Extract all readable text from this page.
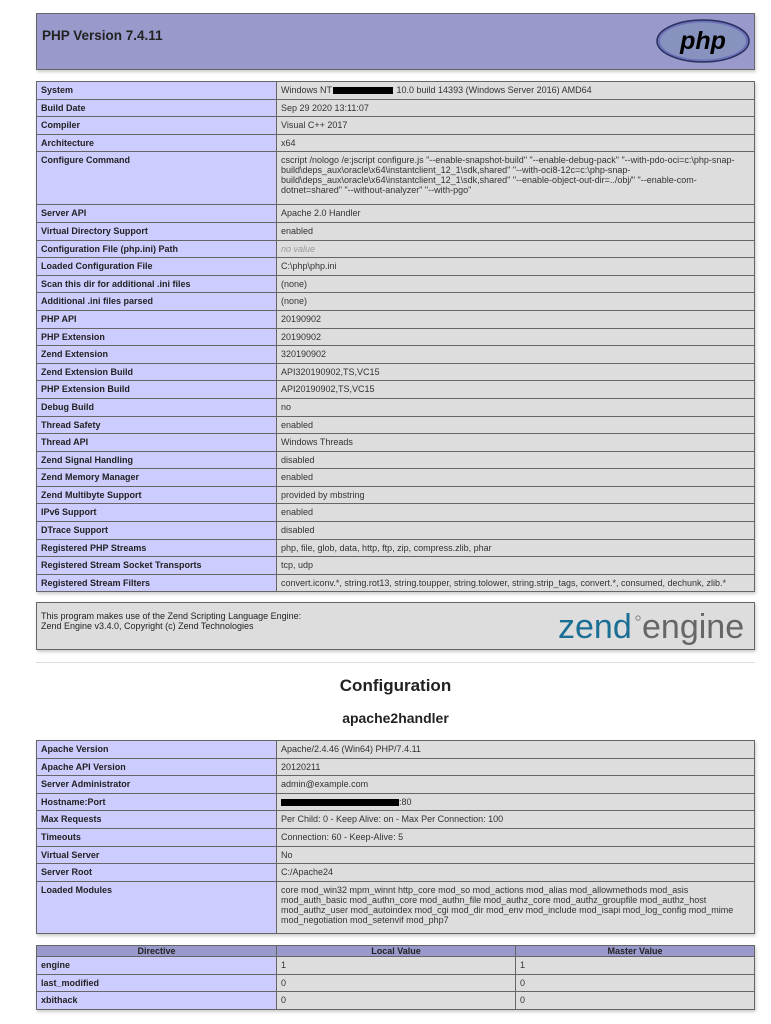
PHP Version 7.4.11	php
System	Windows NT 10.0 build 14393 (Windows Server 2016) AMD64
Build Date	Sep 29 2020 13:11:07
Compiler	Visual C++ 2017
Architecture	x64
Configure Command	cscript /nologo /e:jscript configure.js "--enable-snapshot-build" "--enable-debug-pack" "--with-pdo-oci=c:\php-snap-build\deps_aux\oracle\x64\instantclient_12_1\sdk,shared" "--with-oci8-12c=c:\php-snap-build\deps_aux\oracle\x64\instantclient_12_1\sdk,shared" "--enable-object-out-dir=../obj/" "--enable-com-dotnet=shared" "--without-analyzer" "--with-pgo"
Server API	Apache 2.0 Handler
Virtual Directory Support	enabled
Configuration File (php.ini) Path	no value
Loaded Configuration File	C:\php\php.ini
Scan this dir for additional .ini files	(none)
Additional .ini files parsed	(none)
PHP API	20190902
PHP Extension	20190902
Zend Extension	320190902
Zend Extension Build	API320190902,TS,VC15
PHP Extension Build	API20190902,TS,VC15
Debug Build	no
Thread Safety	enabled
Thread API	Windows Threads
Zend Signal Handling	disabled
Zend Memory Manager	enabled
Zend Multibyte Support	provided by mbstring
IPv6 Support	enabled
DTrace Support	disabled
Registered PHP Streams	php, file, glob, data, http, ftp, zip, compress.zlib, phar
Registered Stream Socket Transports	tcp, udp
Registered Stream Filters	convert.iconv.*, string.rot13, string.toupper, string.tolower, string.strip_tags, convert.*, consumed, dechunk, zlib.*
This program makes use of the Zend Scripting Language Engine:
Zend Engine v3.4.0, Copyright (c) Zend Technologies	zend engine
Configuration
apache2handler
Apache Version	Apache/2.4.46 (Win64) PHP/7.4.11
Apache API Version	20120211
Server Administrator	admin@example.com
Hostname:Port	:80
Max Requests	Per Child: 0 - Keep Alive: on - Max Per Connection: 100
Timeouts	Connection: 60 - Keep-Alive: 5
Virtual Server	No
Server Root	C:/Apache24
Loaded Modules	core mod_win32 mpm_winnt http_core mod_so mod_actions mod_alias mod_allowmethods mod_asis mod_auth_basic mod_authn_core mod_authn_file mod_authz_core mod_authz_groupfile mod_authz_host mod_authz_user mod_autoindex mod_cgi mod_dir mod_env mod_include mod_isapi mod_log_config mod_mime mod_negotiation mod_setenvif mod_php7
Directive	Local Value	Master Value
engine	1	1
last_modified	0	0
xbithack	0	0
